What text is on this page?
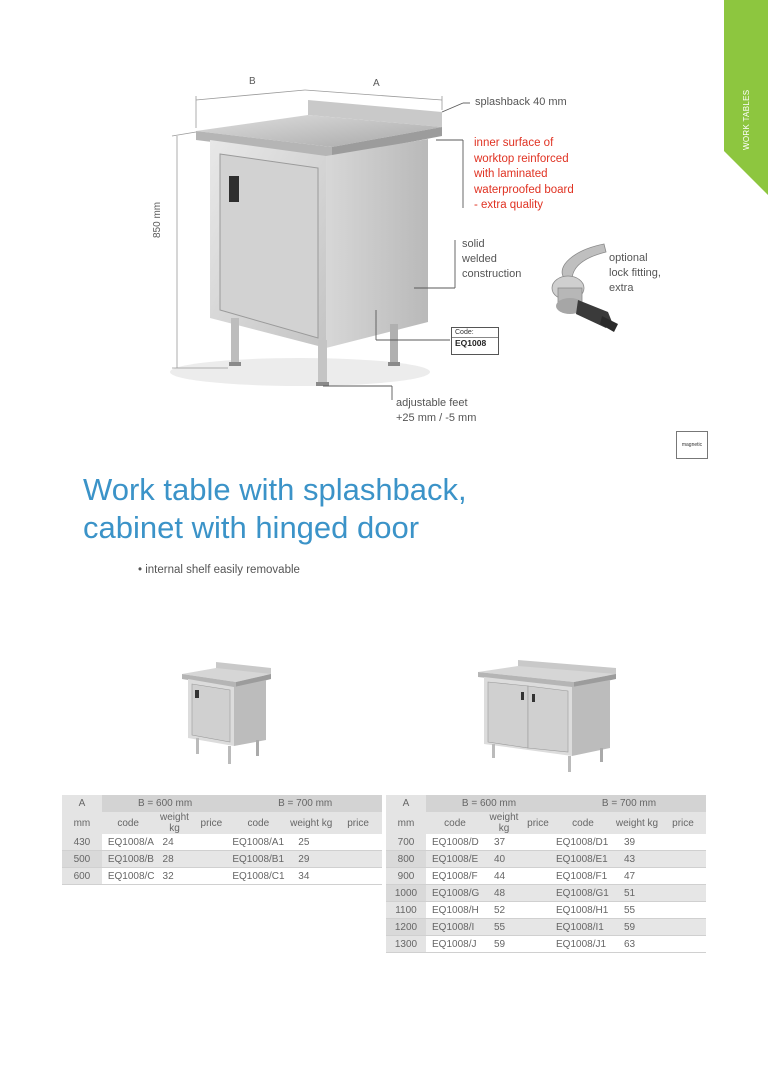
WORK TABLES
B	A
850 mm
splashback 40 mm
inner surface of
worktop reinforced
with laminated
waterproofed board
- extra quality
solid
welded
construction
optional
lock fitting,
extra
Code:
EQ1008
adjustable feet
+25 mm / -5 mm
magnetic
Work table with splashback,
cabinet with hinged door
• internal shelf easily removable
A	B = 600 mm			B = 700 mm		
mm	code	weight kg	price	code	weight kg	price
430	EQ1008/A	24		EQ1008/A1	25	
500	EQ1008/B	28		EQ1008/B1	29	
600	EQ1008/C	32		EQ1008/C1	34	
A	B = 600 mm			B = 700 mm		
mm	code	weight kg	price	code	weight kg	price
700	EQ1008/D	37		EQ1008/D1	39	
800	EQ1008/E	40		EQ1008/E1	43	
900	EQ1008/F	44		EQ1008/F1	47	
1000	EQ1008/G	48		EQ1008/G1	51	
1100	EQ1008/H	52		EQ1008/H1	55	
1200	EQ1008/I	55		EQ1008/I1	59	
1300	EQ1008/J	59		EQ1008/J1	63	
